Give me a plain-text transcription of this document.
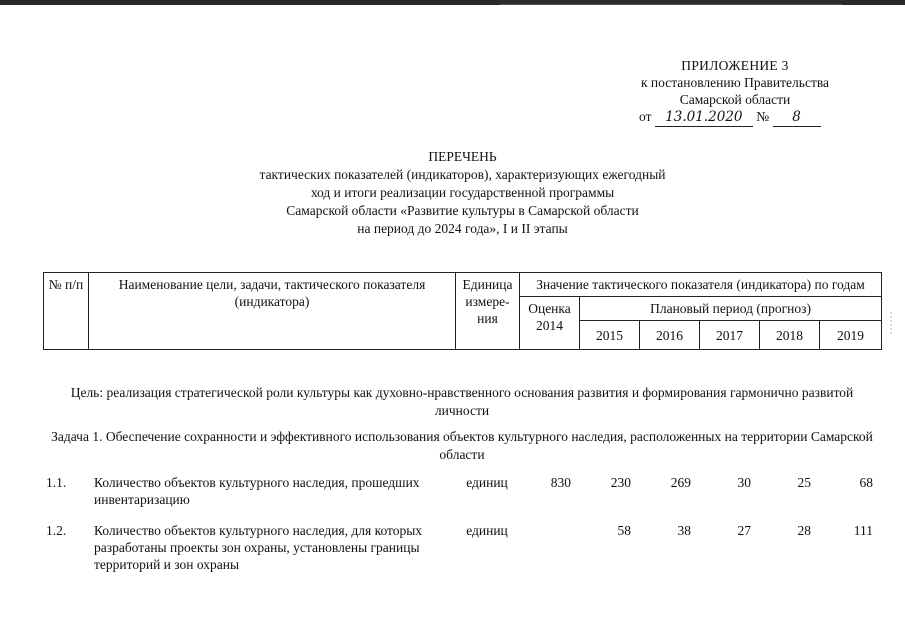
ПРИЛОЖЕНИЕ 3
к постановлению Правительства
Самарской области
от 13.01.2020 № 8
ПЕРЕЧЕНЬ
тактических показателей (индикаторов), характеризующих ежегодный
ход и итоги реализации государственной программы
Самарской области «Развитие культуры в Самарской области
на период до 2024 года», I и II этапы
№ п/п	Наименование цели, задачи, тактического показателя (индикатора)	Единица измере-ния	Значение тактического показателя (индикатора) по годам					
			Оценка 2014	Плановый период (прогноз)				
				2015	2016	2017	2018	2019
Цель: реализация стратегической роли культуры как духовно-нравственного основания развития и формирования гармонично развитой личности
Задача 1. Обеспечение сохранности и эффективного использования объектов культурного наследия, расположенных на территории Самарской области
1.1.	Количество объектов культурного наследия, прошедших инвентаризацию	единиц	830	230	269	30	25	68
1.2.	Количество объектов культурного наследия, для которых разработаны проекты зон охраны, установлены границы территорий и зон охраны	единиц		58	38	27	28	111
